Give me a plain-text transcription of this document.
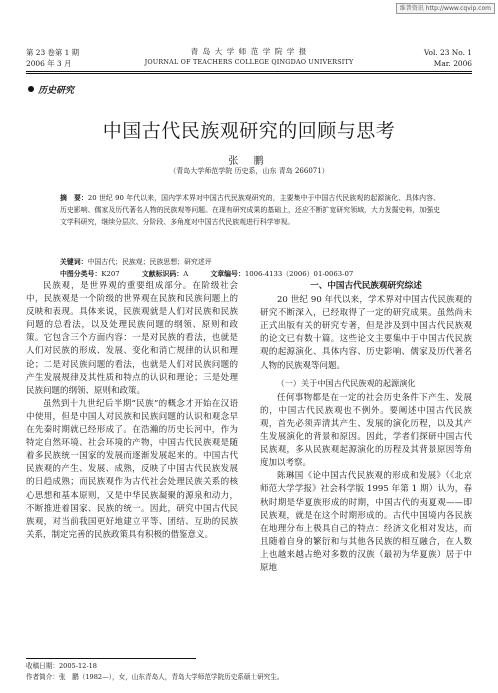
维普资讯 http://www.cqvip.com
第 23 卷第 1 期
2006 年 3 月
青 岛 大 学 师 范 学 院 学 报
JOURNAL OF TEACHERS COLLEGE QINGDAO UNIVERSITY
Vol. 23 No. 1
Mar. 2006
历史研究
中国古代民族观研究的回顾与思考
张 鹏
（青岛大学师范学院 历史系，山东 青岛 266071）
摘　要：20 世纪 90 年代以来，国内学术界对中国古代民族观研究的，主要集中于中国古代民族观的起源演化、具体内容、历史影响、儒家及历代著名人物的民族观等问题。在现有研究成果的基础上，还应不断扩宽研究领域，大力发掘史料，加强史文学科研究，继续分层次、分阶段、多角度对中国古代民族观进行科学审视。
关键词：中国古代；民族观；民族思想；研究述评
中图分类号：K207	文献标识码：A	文章编号：1006-4133（2006）01-0063-07

民族观，是世界观的重要组成部分。在阶级社会中，民族观是一个阶级的世界观在民族和民族问题上的反映和表现。具体来说，民族观就是人们对民族和民族问题的总看法，以及处理民族问题的纲领、原则和政策。它包含三个方面内容：一是对民族的看法，也就是人们对民族的形成、发展、变化和消亡规律的认识和理论；二是对民族问题的看法，也就是人们对民族问题的产生发展规律及其性质和特点的认识和理论；三是处理民族问题的纲领、原则和政策。

虽然到十九世纪后半期“民族”的概念才开始在汉语中使用，但是中国人对民族和民族问题的认识和观念早在先秦时期就已经形成了。在浩瀚的历史长河中，作为特定自然环境、社会环境的产物，中国古代民族观是随着多民族统一国家的发展而逐渐发展起来的。中国古代民族观的产生、发展、成熟，反映了中国古代民族发展的日趋成熟；而民族观作为古代社会处理民族关系的核心思想和基本原则，又是中华民族凝聚的源泉和动力，不断推进着国家、民族的统一。因此，研究中国古代民族观，对当前我国更好地建立平等、团结、互助的民族关系，制定完善的民族政策具有积极的借鉴意义。

一、中国古代民族观研究综述

20 世纪 90 年代以来，学术界对中国古代民族观的研究不断深入，已经取得了一定的研究成果。虽然尚未正式出版有关的研究专著，但是涉及到中国古代民族观的论文已有数十篇。这些论文主要集中于中国古代民族观的起源演化、具体内容、历史影响、儒家及历代著名人物的民族观等问题。

（一）关于中国古代民族观的起源演化

任何事物都是在一定的社会历史条件下产生、发展的，中国古代民族观也不例外。要阐述中国古代民族观，首先必须弄清其产生、发展的演化历程，以及其产生发展演化的背景和原因。因此，学者们探研中国古代民族观，多从民族观起源演化的历程及其背景原因等角度加以考察。

陈琳国《论中国古代民族观的形成和发展》（《北京师范大学学报》社会科学版 1995 年第 1 期）认为，春秋时期是华夏族形成的时期，中国古代的夷夏观——即民族观，就是在这个时期形成的。古代中国境内各民族在地理分布上极具自己的特点：经济文化相对发达，而且随着自身的繁衍和与其他各民族的相互融合，在人数上也越来越占绝对多数的汉族（最初为华夏族）居于中原地

收稿日期：2005-12-18
作者简介：张　鹏（1982—），女，山东青岛人，青岛大学师范学院历史系硕士研究生。
